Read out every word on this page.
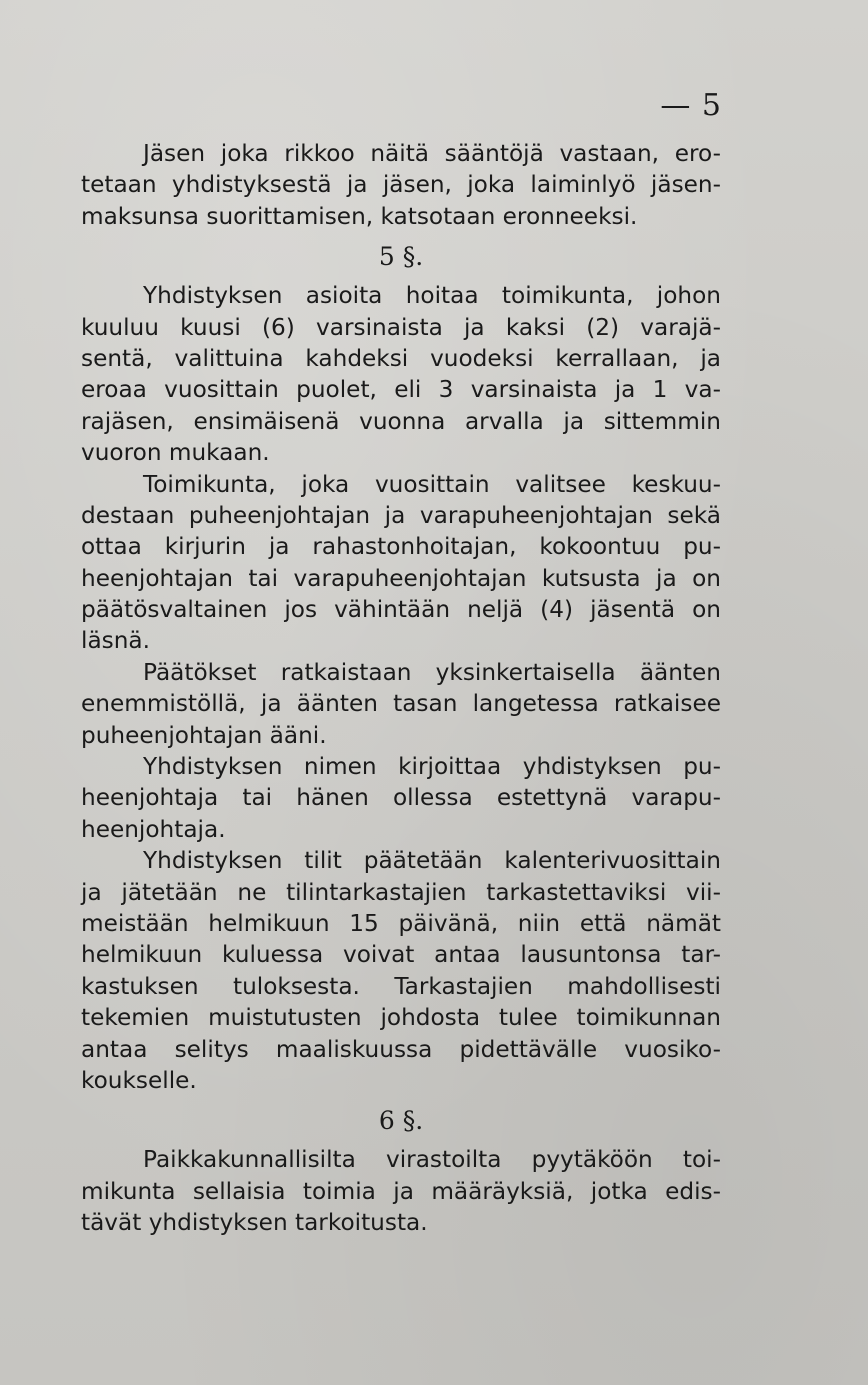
— 5
Jäsen joka rikkoo näitä sääntöjä vastaan, ero-
tetaan yhdistyksestä ja jäsen, joka laiminlyö jäsen-
maksunsa suorittamisen, katsotaan eronneeksi.
5 §.
Yhdistyksen asioita hoitaa toimikunta, johon
kuuluu kuusi (6) varsinaista ja kaksi (2) varajä-
sentä, valittuina kahdeksi vuodeksi kerrallaan, ja
eroaa vuosittain puolet, eli 3 varsinaista ja 1 va-
rajäsen, ensimäisenä vuonna arvalla ja sittemmin
vuoron mukaan.
Toimikunta, joka vuosittain valitsee keskuu-
destaan puheenjohtajan ja varapuheenjohtajan sekä
ottaa kirjurin ja rahastonhoitajan, kokoontuu pu-
heenjohtajan tai varapuheenjohtajan kutsusta ja on
päätösvaltainen jos vähintään neljä (4) jäsentä on
läsnä.
Päätökset ratkaistaan yksinkertaisella äänten
enemmistöllä, ja äänten tasan langetessa ratkaisee
puheenjohtajan ääni.
Yhdistyksen nimen kirjoittaa yhdistyksen pu-
heenjohtaja tai hänen ollessa estettynä varapu-
heenjohtaja.
Yhdistyksen tilit päätetään kalenterivuosittain
ja jätetään ne tilintarkastajien tarkastettaviksi vii-
meistään helmikuun 15 päivänä, niin että nämät
helmikuun kuluessa voivat antaa lausuntonsa tar-
kastuksen tuloksesta. Tarkastajien mahdollisesti
tekemien muistutusten johdosta tulee toimikunnan
antaa selitys maaliskuussa pidettävälle vuosiko-
koukselle.
6 §.
Paikkakunnallisilta virastoilta pyytäköön toi-
mikunta sellaisia toimia ja määräyksiä, jotka edis-
tävät yhdistyksen tarkoitusta.
